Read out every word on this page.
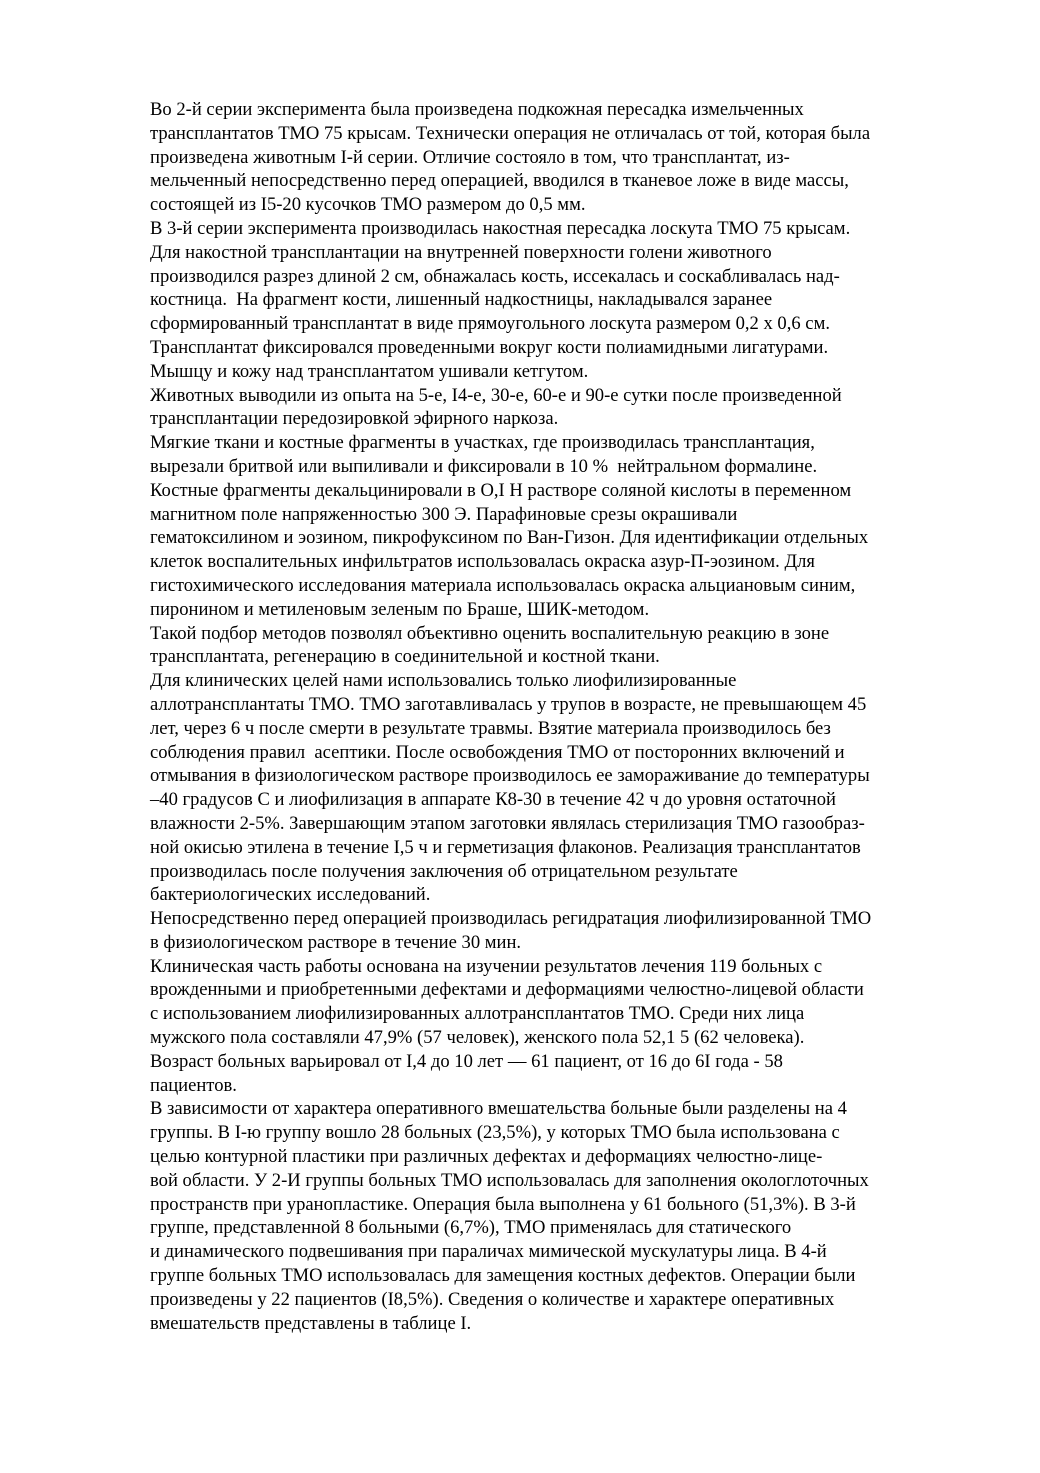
Во 2-й серии эксперимента была произведена подкожная пересадка измельченных
трансплантатов ТМО 75 крысам. Технически операция не отличалась от той, которая была
произведена животным I-й серии. Отличие состояло в том, что трансплантат, из-
мельченный непосредственно перед операцией, вводился в тканевое ложе в виде массы,
состоящей из I5-20 кусочков ТМО размером до 0,5 мм.
В 3-й серии эксперимента производилась накостная пересадка лоскута ТМО 75 крысам.
Для накостной трансплантации на внутренней поверхности голени животного
производился разрез длиной 2 см, обнажалась кость, иссекалась и соскабливалась над-
костница.  На фрагмент кости, лишенный надкостницы, накладывался заранее
сформированный трансплантат в виде прямоугольного лоскута размером 0,2 х 0,6 см.
Трансплантат фиксировался проведенными вокруг кости полиамидными лигатурами.
Мышцу и кожу над трансплантатом ушивали кетгутом.
Животных выводили из опыта на 5-е, I4-е, 30-е, 60-е и 90-е сутки после произведенной
трансплантации передозировкой эфирного наркоза.
Мягкие ткани и костные фрагменты в участках, где производилась трансплантация,
вырезали бритвой или выпиливали и фиксировали в 10 %  нейтральном формалине.
Костные фрагменты декальцинировали в O,I H растворе соляной кислоты в переменном
магнитном поле напряженностью 300 Э. Парафиновые срезы окрашивали
гематоксилином и эозином, пикрофуксином по Ван-Гизон. Для идентификации отдельных
клеток воспалительных инфильтратов использовалась окраска азур-П-эозином. Для
гистохимического исследования материала использовалась окраска альциановым синим,
пиронином и метиленовым зеленым по Браше, ШИК-методом.
Такой подбор методов позволял объективно оценить воспалительную реакцию в зоне
трансплантата, регенерацию в соединительной и костной ткани.
Для клинических целей нами использовались только лиофилизированные
аллотрансплантаты ТМО. ТМО заготавливалась у трупов в возрасте, не превышающем 45
лет, через 6 ч после смерти в результате травмы. Взятие материала производилось без
соблюдения правил  асептики. После освобождения ТМО от посторонних включений и
отмывания в физиологическом растворе производилось ее замораживание до температуры
–40 градусов С и лиофилизация в аппарате К8-30 в течение 42 ч до уровня остаточной
влажности 2-5%. Завершающим этапом заготовки являлась стерилизация ТМО газообраз-
ной окисью этилена в течение I,5 ч и герметизация флаконов. Реализация трансплантатов
производилась после получения заключения об отрицательном результате
бактериологических исследований.
Непосредственно перед операцией производилась регидратация лиофилизированной ТМО
в физиологическом растворе в течение 30 мин.
Клиническая часть работы основана на изучении результатов лечения 119 больных с
врожденными и приобретенными дефектами и деформациями челюстно-лицевой области
с использованием лиофилизированных аллотрансплантатов ТМО. Среди них лица
мужского пола составляли 47,9% (57 человек), женского пола 52,1 5 (62 человека).
Возраст больных варьировал от I,4 до 10 лет — 61 пациент, от 16 до 6I года - 58
пациентов.
В зависимости от характера оперативного вмешательства больные были разделены на 4
группы. В I-ю группу вошло 28 больных (23,5%), у которых ТМО была использована с
целью контурной пластики при различных дефектах и деформациях челюстно-лице-
вой области. У 2-И группы больных ТМО использовалась для заполнения окологлоточных
пространств при уранопластике. Операция была выполнена у 61 больного (51,3%). В 3-й
группе, представленной 8 больными (6,7%), ТМО применялась для статического
и динамического подвешивания при параличах мимической мускулатуры лица. В 4-й
группе больных ТМО использовалась для замещения костных дефектов. Операции были
произведены у 22 пациентов (I8,5%). Сведения о количестве и характере оперативных
вмешательств представлены в таблице I.
